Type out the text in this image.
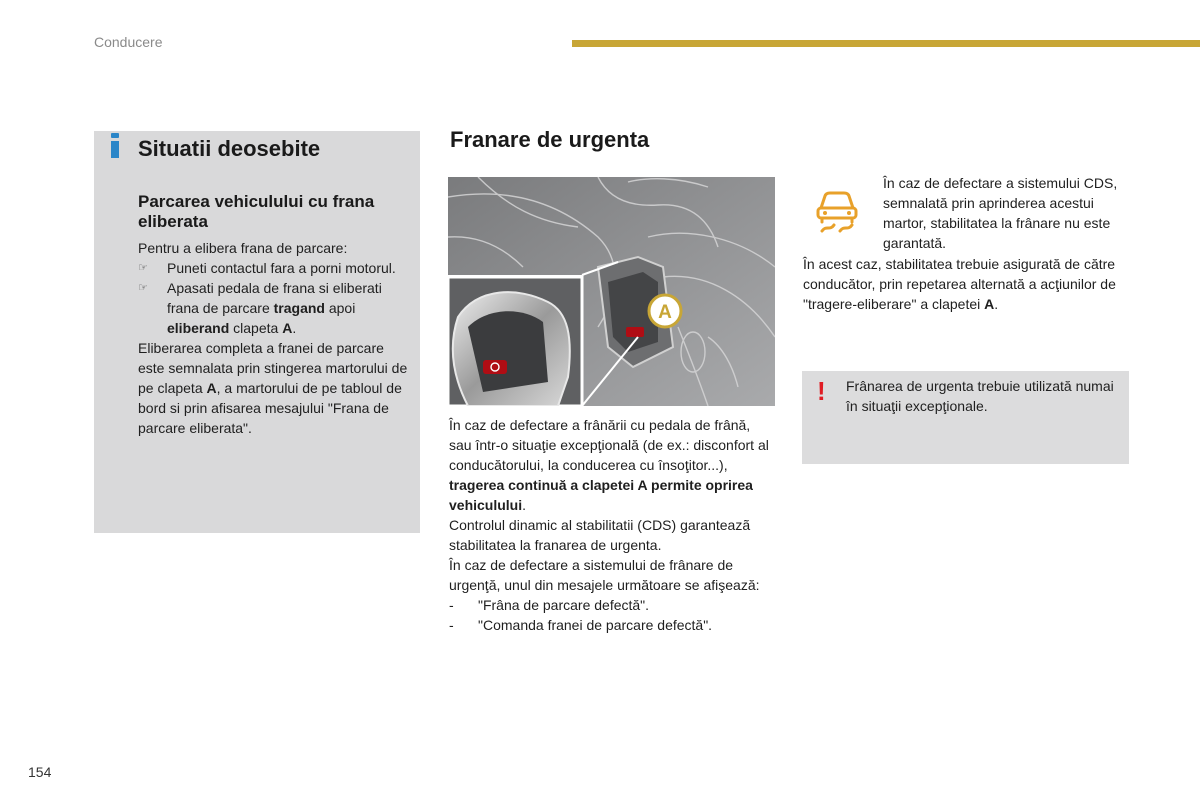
Conducere
Situatii deosebite
Parcarea vehiculului cu frana eliberata
Pentru a elibera frana de parcare:
☞ Puneti contactul fara a porni motorul.
☞ Apasati pedala de frana si eliberati frana de parcare tragand apoi eliberand clapeta A.
Eliberarea completa a franei de parcare este semnalata prin stingerea martorului de pe clapeta A, a martorului de pe tabloul de bord si prin afisarea mesajului "Frana de parcare eliberata".
Franare de urgenta
A
În caz de defectare a frânării cu pedala de frână, sau într-o situaţie excepţională (de ex.: disconfort al conducătorului, la conducerea cu însoţitor...), tragerea continuă a clapetei A permite oprirea vehiculului.
Controlul dinamic al stabilitatii (CDS) garanteazã stabilitatea la franarea de urgenta.
În caz de defectare a sistemului de frânare de urgenţă, unul din mesajele următoare se afişează:
- "Frâna de parcare defectă".
- "Comanda franei de parcare defectă".
În caz de defectare a sistemului CDS, semnalată prin aprinderea acestui martor, stabilitatea la frânare nu este garantată.
În acest caz, stabilitatea trebuie asigurată de către conducător, prin repetarea alternată a acţiunilor de "tragere-eliberare" a clapetei A.
! Frânarea de urgenta trebuie utilizată numai în situaţii excepţionale.
154
